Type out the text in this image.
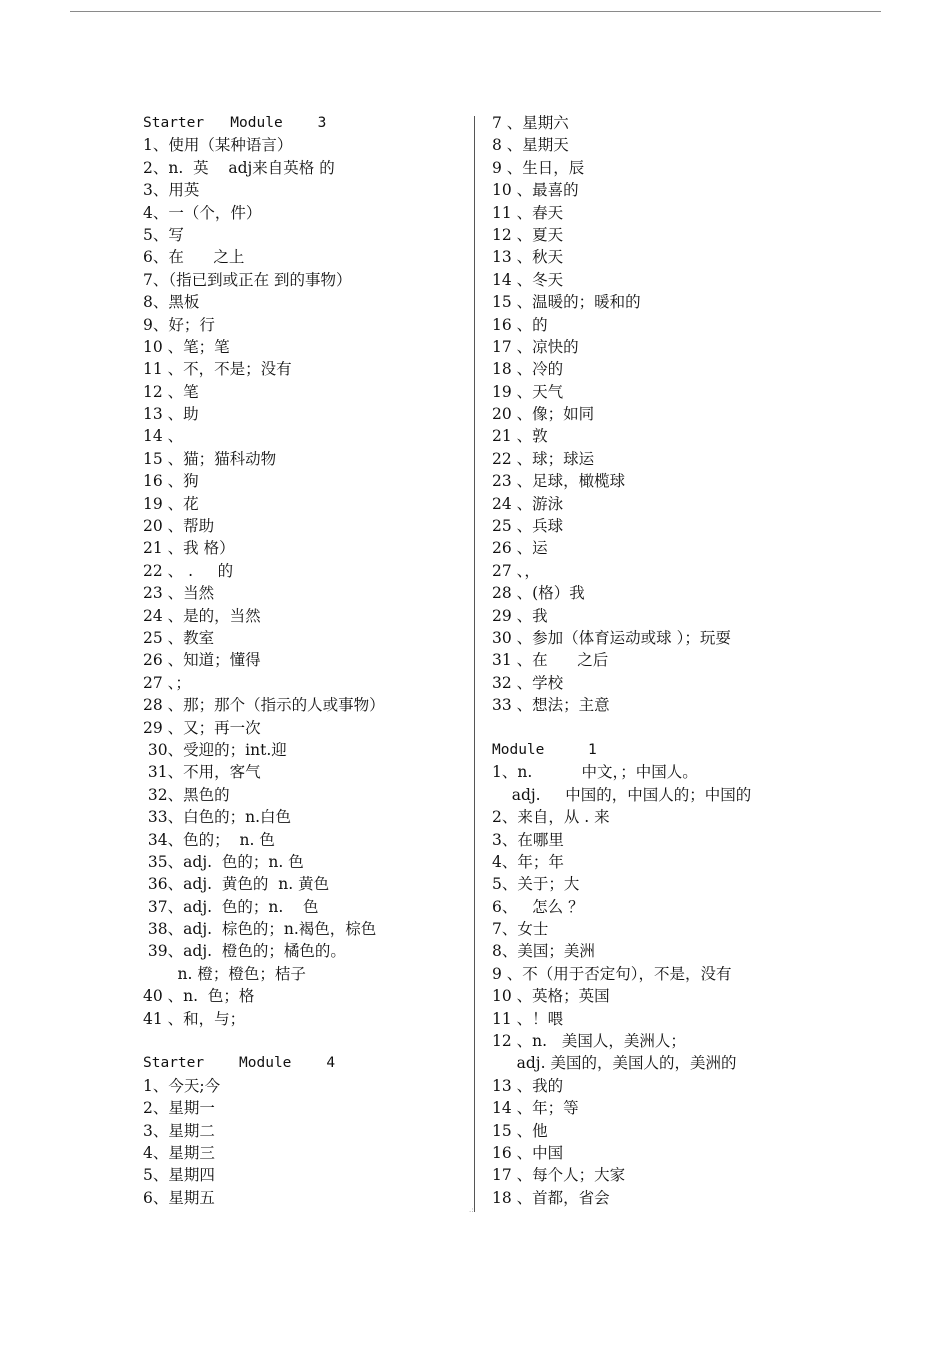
Starter   Module    3
1、使用（某种语言）
2、n.  英    adj来自英格 的
3、用英
4、一（个，件）
5、写
6、在      之上
7、（指已到或正在 到的事物）
8、黑板
9、好；行
10 、笔；笔
11 、不，不是；没有
12 、笔
13 、助
14 、
15 、猫；猫科动物
16 、狗
19 、花
20 、帮助
21 、我 格）
22 、 .     的
23 、当然
24 、是的，当然
25 、教室
26 、知道；懂得
27 、；
28 、那；那个（指示的人或事物）
29 、又；再一次
30、受迎的；int.迎
31、不用，客气
32、黑色的
33、白色的；n.白色
34、色的；  n. 色
35、adj.  色的；n. 色
36、adj.  黄色的  n. 黄色
37、adj.  色的；n.    色
38、adj.  棕色的；n.褐色，棕色
39、adj.  橙色的；橘色的。
n. 橙；橙色；桔子
40 、n.  色；格
41 、和，与；
Starter    Module    4
1、今天;今
2、星期一
3、星期二
4、星期三
5、星期四
6、星期五
7 、星期六
8 、星期天
9 、生日，辰
10 、最喜的
11 、春天
12 、夏天
13 、秋天
14 、冬天
15 、温暖的；暖和的
16 、的
17 、凉快的
18 、冷的
19 、天气
20 、像；如同
21 、敦
22 、球；球运
23 、足球，橄榄球
24 、游泳
25 、兵球
26 、运
27 、，
28 、(格）我
29 、我
30 、参加（体育运动或球 ）；玩耍
31 、在      之后
32 、学校
33 、想法；主意
Module     1
1、n.          中文，；中国人。
adj.     中国的，中国人的；中国的
2、来自，从 . 来
3、在哪里
4、年；年
5、关于；大
6、   怎么 ？
7、女士
8、美国；美洲
9 、不（用于否定句），不是，没有
10 、英格；英国
11 、！喂
12 、n.   美国人，美洲人；
adj. 美国的，美国人的，美洲的
13 、我的
14 、年；等
15 、他
16 、中国
17 、每个人；大家
18 、首都，省会
.:
